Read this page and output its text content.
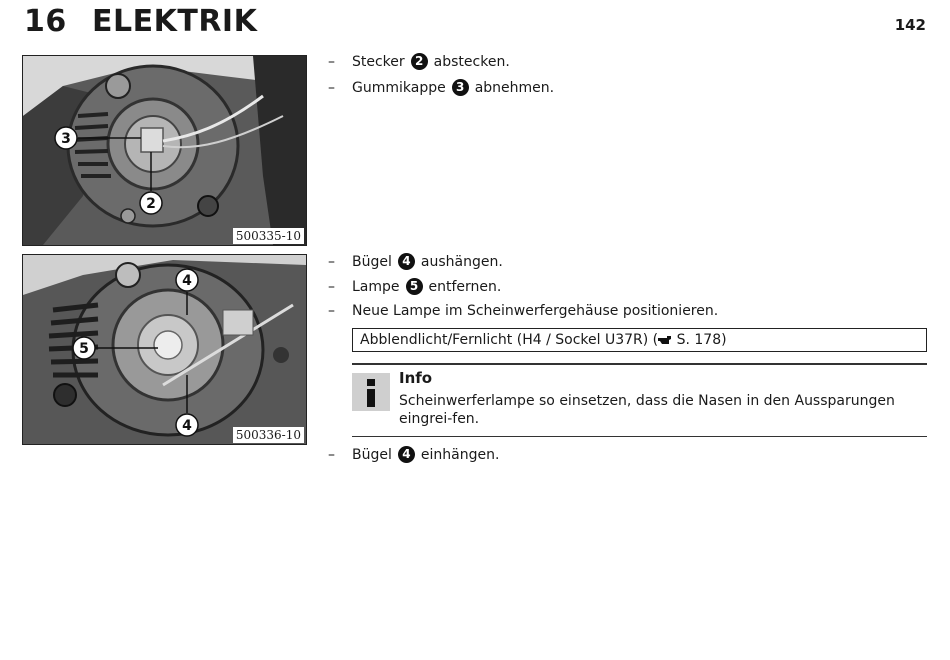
16 ELEKTRIK	142
3
2
500335-10
4
5
4
500336-10
–	Stecker 2 abstecken.
–	Gummikappe 3 abnehmen.
–	Bügel 4 aushängen.
–	Lampe 5 entfernen.
–	Neue Lampe im Scheinwerfergehäuse positionieren.
Abblendlicht/Fernlicht (H4 / Sockel U37R) ( S. 178)
Info
Scheinwerferlampe so einsetzen, dass die Nasen in den Aussparungen eingrei-fen.
–	Bügel 4 einhängen.
